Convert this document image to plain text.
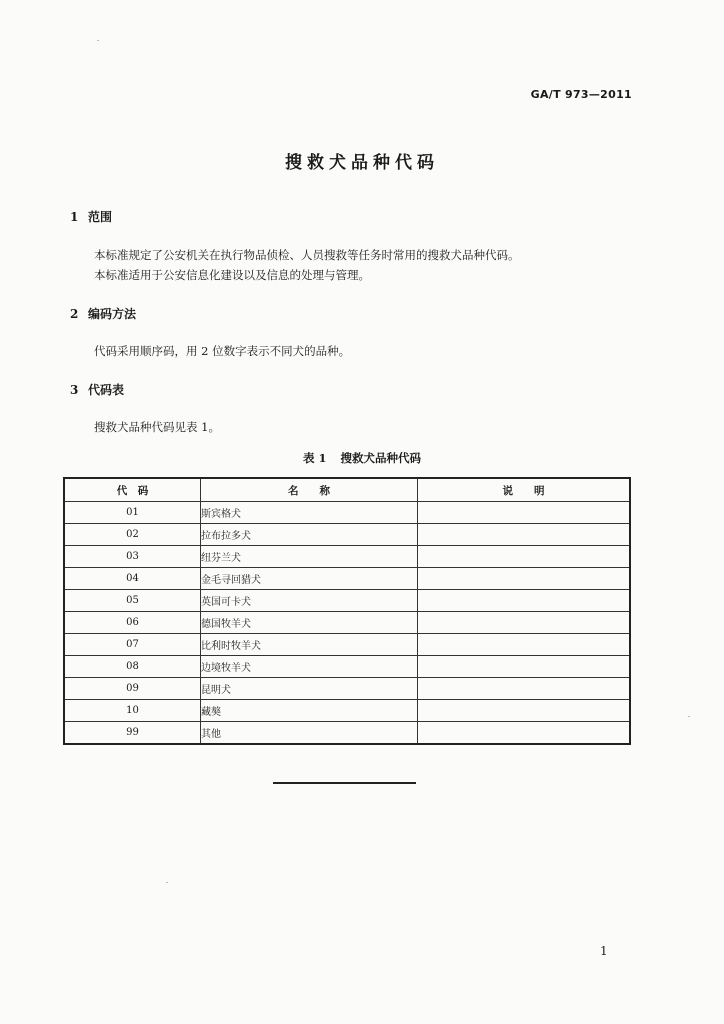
GA/T 973—2011
搜救犬品种代码
1 范围
本标准规定了公安机关在执行物品侦检、人员搜救等任务时常用的搜救犬品种代码。
本标准适用于公安信息化建设以及信息的处理与管理。
2 编码方法
代码采用顺序码，用 2 位数字表示不同犬的品种。
3 代码表
搜救犬品种代码见表 1。
表 1 搜救犬品种代码
代　码	名　　称	说　　明
01	斯宾格犬	
02	拉布拉多犬	
03	纽芬兰犬	
04	金毛寻回猎犬	
05	英国可卡犬	
06	德国牧羊犬	
07	比利时牧羊犬	
08	边境牧羊犬	
09	昆明犬	
10	藏獒	
99	其他	
1
